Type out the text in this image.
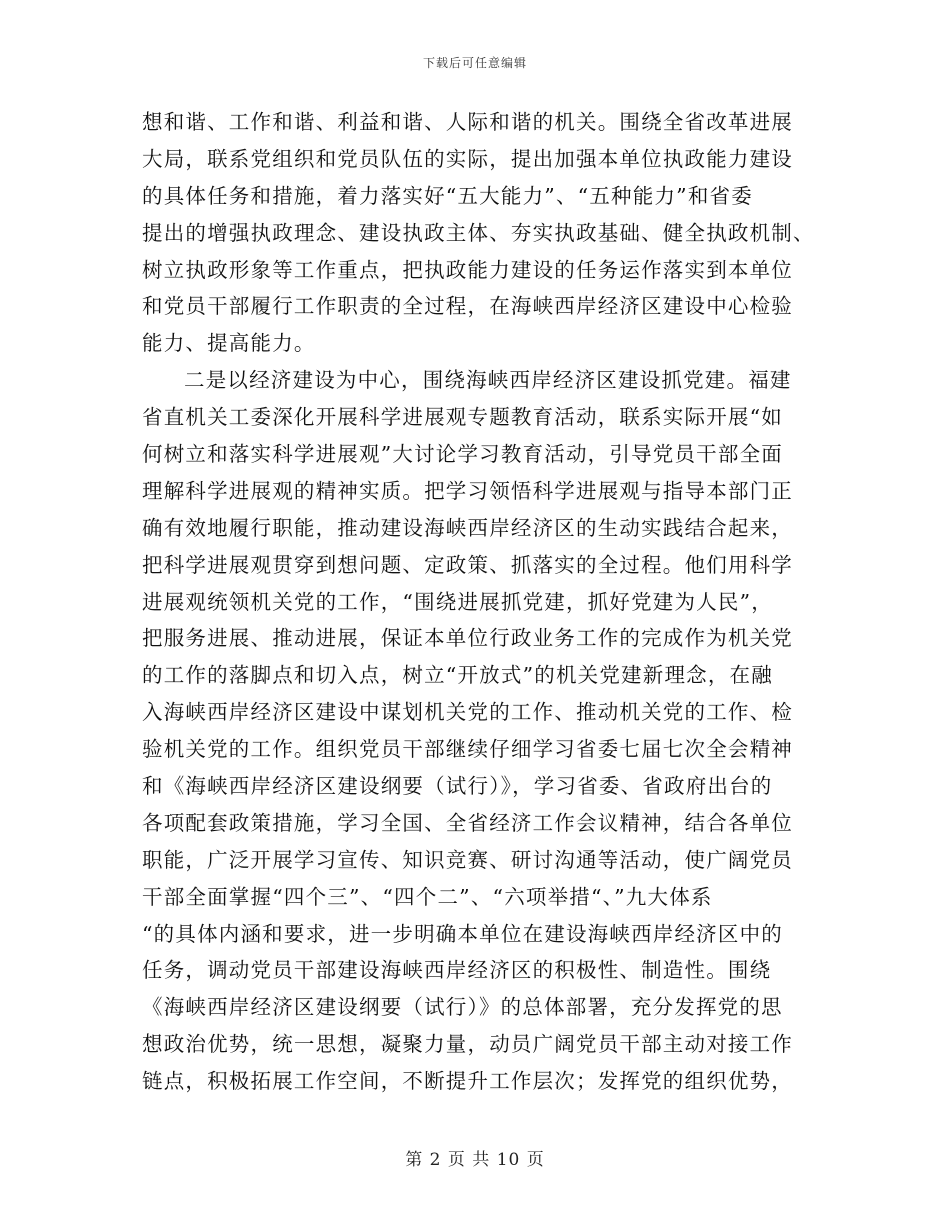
下载后可任意编辑
想和谐、工作和谐、利益和谐、人际和谐的机关。围绕全省改革进展
大局，联系党组织和党员队伍的实际，提出加强本单位执政能力建设
的具体任务和措施，着力落实好“五大能力”、“五种能力”和省委
提出的增强执政理念、建设执政主体、夯实执政基础、健全执政机制、
树立执政形象等工作重点，把执政能力建设的任务运作落实到本单位
和党员干部履行工作职责的全过程，在海峡西岸经济区建设中心检验
能力、提高能力。
二是以经济建设为中心，围绕海峡西岸经济区建设抓党建。福建
省直机关工委深化开展科学进展观专题教育活动，联系实际开展“如
何树立和落实科学进展观”大讨论学习教育活动，引导党员干部全面
理解科学进展观的精神实质。把学习领悟科学进展观与指导本部门正
确有效地履行职能，推动建设海峡西岸经济区的生动实践结合起来，
把科学进展观贯穿到想问题、定政策、抓落实的全过程。他们用科学
进展观统领机关党的工作，“围绕进展抓党建，抓好党建为人民”，
把服务进展、推动进展，保证本单位行政业务工作的完成作为机关党
的工作的落脚点和切入点，树立“开放式”的机关党建新理念，在融
入海峡西岸经济区建设中谋划机关党的工作、推动机关党的工作、检
验机关党的工作。组织党员干部继续仔细学习省委七届七次全会精神
和《海峡西岸经济区建设纲要（试行）》，学习省委、省政府出台的
各项配套政策措施，学习全国、全省经济工作会议精神，结合各单位
职能，广泛开展学习宣传、知识竞赛、研讨沟通等活动，使广阔党员
干部全面掌握“四个三”、“四个二”、“六项举措“、”九大体系
“的具体内涵和要求，进一步明确本单位在建设海峡西岸经济区中的
任务，调动党员干部建设海峡西岸经济区的积极性、制造性。围绕
《海峡西岸经济区建设纲要（试行）》的总体部署，充分发挥党的思
想政治优势，统一思想，凝聚力量，动员广阔党员干部主动对接工作
链点，积极拓展工作空间，不断提升工作层次；发挥党的组织优势，
第 2 页 共 10 页
